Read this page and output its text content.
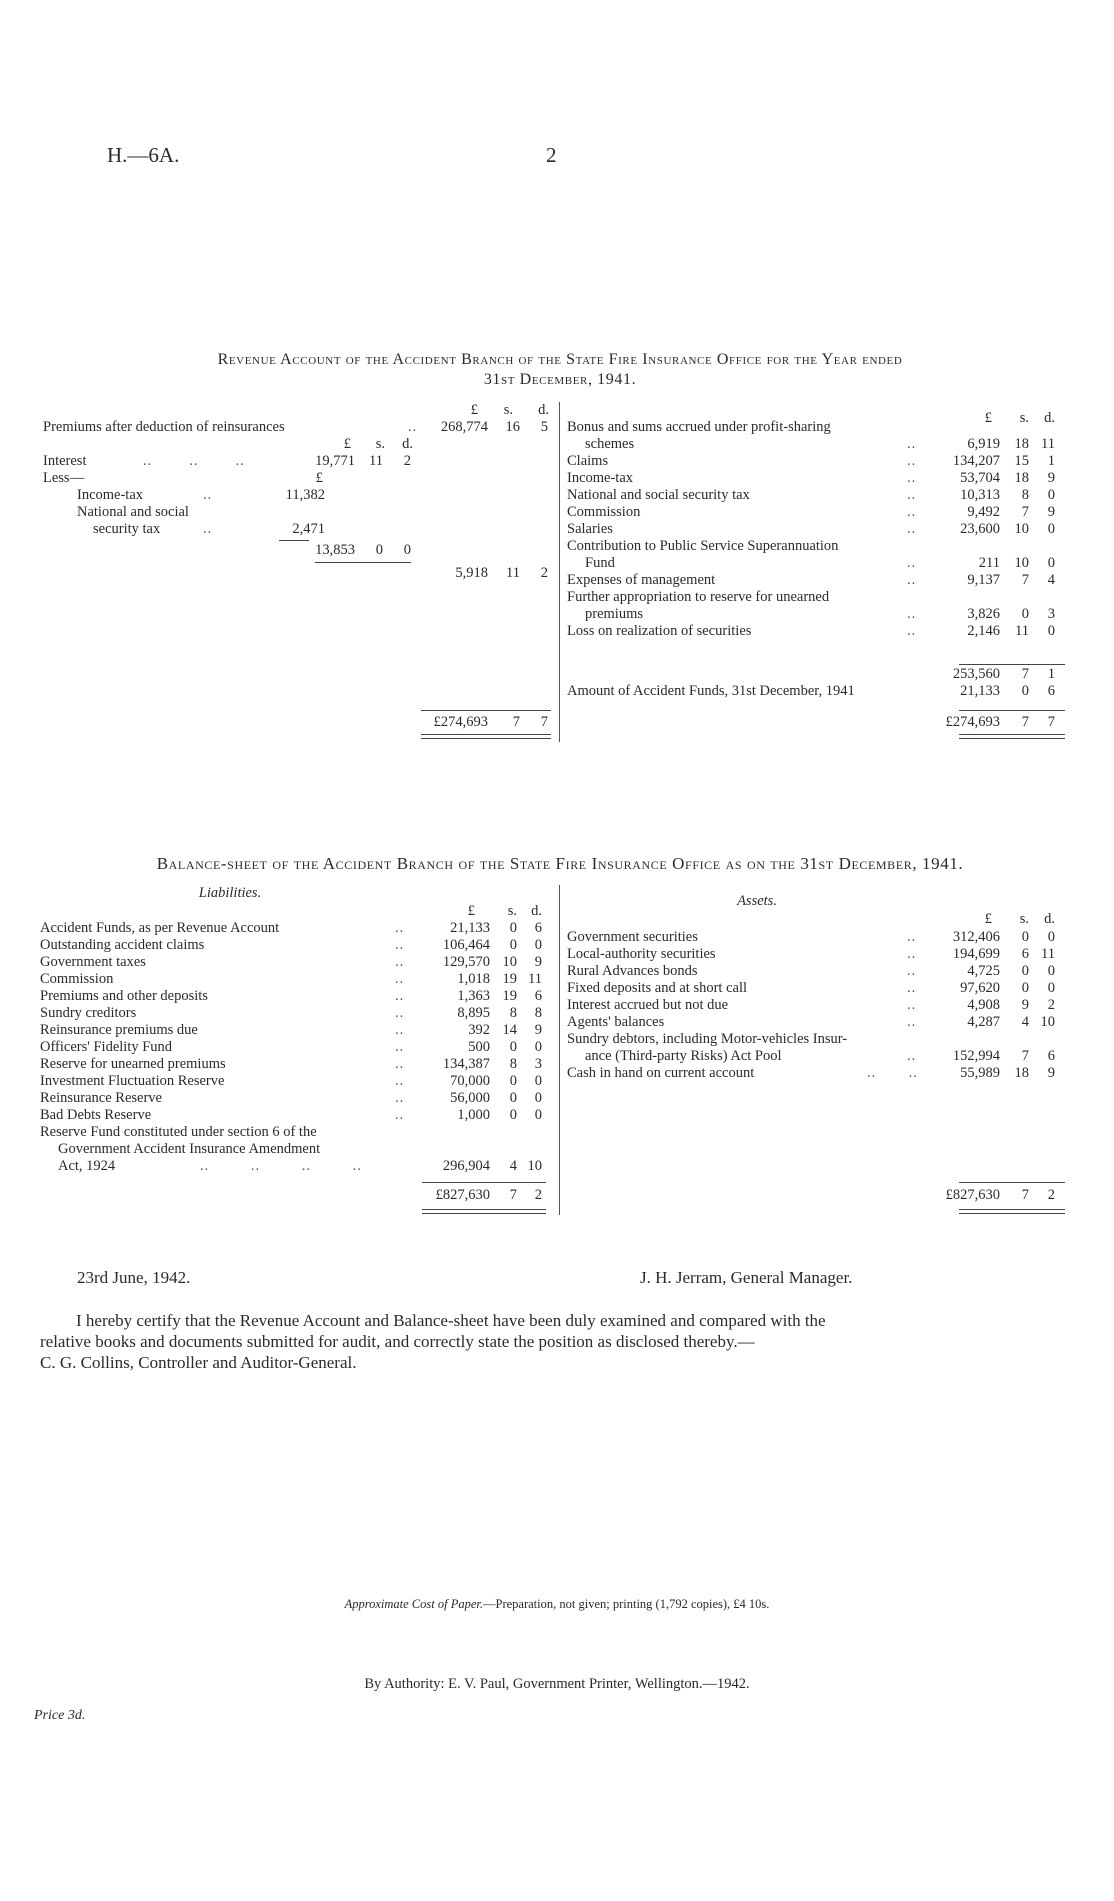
H.—6A.	2
Revenue Account of the Accident Branch of the State Fire Insurance Office for the Year ended
31st December, 1941.
£	s.	d.
Premiums after deduction of reinsurances	..	268,774	16	5
£	s.	d.
Interest	..        ..        ..	19,771 11	2
Less—	£
Income-tax	..	11,382
National and social
security tax	..	2,471
13,853	0	0
5,918	11	2
£274,693	7	7
£	s.	d.
Bonus and sums accrued under profit-sharing
schemes	..	6,919	18 11
Claims	..	134,207	15	1
Income-tax	..	53,704	18	9
National and social security tax	..	10,313	8	0
Commission	..	9,492	7	9
Salaries	..	23,600	10	0
Contribution to Public Service Superannuation
Fund	..	211	10	0
Expenses of management	..	9,137	7	4
Further appropriation to reserve for unearned
premiums	..	3,826	0	3
Loss on realization of securities	..	2,146	11	0
253,560	7	1
Amount of Accident Funds, 31st December, 1941	21,133	0	6
£274,693	7	7
Balance-sheet of the Accident Branch of the State Fire Insurance Office as on the 31st December, 1941.
Liabilities.
£	s. d.
Accident Funds, as per Revenue Account	..	21,133	0	6
Outstanding accident claims	..	106,464	0	0
Government taxes	..	129,570 10	9
Commission	..	1,018 19 11
Premiums and other deposits	..	1,363 19	6
Sundry creditors	..	8,895	8	8
Reinsurance premiums due	..	392 14	9
Officers' Fidelity Fund	..	500	0	0
Reserve for unearned premiums	..	134,387	8	3
Investment Fluctuation Reserve	..	70,000	0	0
Reinsurance Reserve	..	56,000	0	0
Bad Debts Reserve	..	1,000	0	0
Reserve Fund constituted under section 6 of the
Government Accident Insurance Amendment
Act, 1924	..         ..         ..         ..	296,904	4 10
£827,630	7	2
Assets.
£	s.	d.
Government securities	..	312,406	0	0
Local-authority securities	..	194,699	6 11
Rural Advances bonds	..	4,725	0	0
Fixed deposits and at short call	..	97,620	0	0
Interest accrued but not due	..	4,908	9	2
Agents' balances	..	4,287	4 10
Sundry debtors, including Motor-vehicles Insur-
ance (Third-party Risks) Act Pool	..	152,994	7	6
Cash in hand on current account	..       ..	55,989	18	9
£827,630	7	2
23rd June, 1942.	J. H. Jerram, General Manager.
I hereby certify that the Revenue Account and Balance-sheet have been duly examined and compared with the
relative books and documents submitted for audit, and correctly state the position as disclosed thereby.—
C. G. Collins, Controller and Auditor-General.
Approximate Cost of Paper.—Preparation, not given; printing (1,792 copies), £4 10s.
By Authority: E. V. Paul, Government Printer, Wellington.—1942.
Price 3d.
